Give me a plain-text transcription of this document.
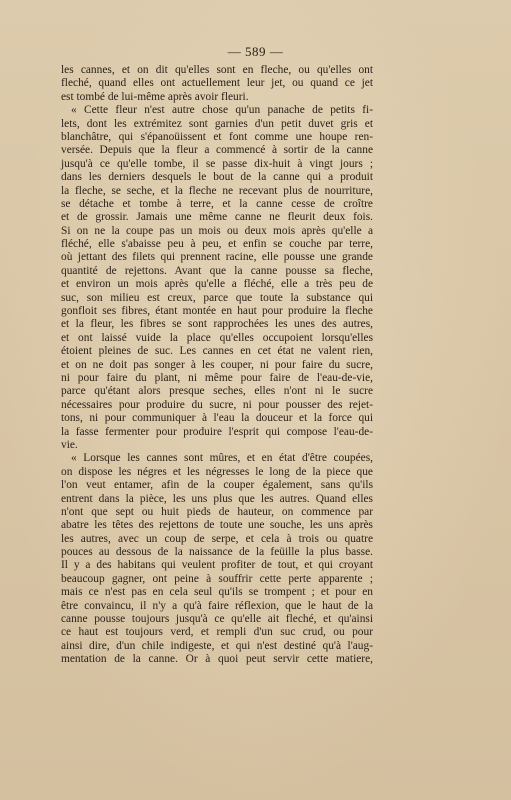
— 589 —
les cannes, et on dit qu'elles sont en fleche, ou qu'elles ont
fleché, quand elles ont actuellement leur jet, ou quand ce jet
est tombé de lui-même après avoir fleuri.
« Cette fleur n'est autre chose qu'un panache de petits fi-
lets, dont les extrémitez sont garnies d'un petit duvet gris et
blanchâtre, qui s'épanoüissent et font comme une houpe ren-
versée. Depuis que la fleur a commencé à sortir de la canne
jusqu'à ce qu'elle tombe, il se passe dix-huit à vingt jours ;
dans les derniers desquels le bout de la canne qui a produit
la fleche, se seche, et la fleche ne recevant plus de nourriture,
se détache et tombe à terre, et la canne cesse de croître
et de grossir. Jamais une même canne ne fleurit deux fois.
Si on ne la coupe pas un mois ou deux mois après qu'elle a
fléché, elle s'abaisse peu à peu, et enfin se couche par terre,
où jettant des filets qui prennent racine, elle pousse une grande
quantité de rejettons. Avant que la canne pousse sa fleche,
et environ un mois après qu'elle a fléché, elle a très peu de
suc, son milieu est creux, parce que toute la substance qui
gonfloit ses fibres, étant montée en haut pour produire la fleche
et la fleur, les fibres se sont rapprochées les unes des autres,
et ont laissé vuide la place qu'elles occupoient lorsqu'elles
étoient pleines de suc. Les cannes en cet état ne valent rien,
et on ne doit pas songer à les couper, ni pour faire du sucre,
ni pour faire du plant, ni même pour faire de l'eau-de-vie,
parce qu'étant alors presque seches, elles n'ont ni le sucre
nécessaires pour produire du sucre, ni pour pousser des rejet-
tons, ni pour communiquer à l'eau la douceur et la force qui
la fasse fermenter pour produire l'esprit qui compose l'eau-de-
vie.
« Lorsque les cannes sont mûres, et en état d'être coupées,
on dispose les négres et les négresses le long de la piece que
l'on veut entamer, afin de la couper également, sans qu'ils
entrent dans la pièce, les uns plus que les autres. Quand elles
n'ont que sept ou huit pieds de hauteur, on commence par
abatre les têtes des rejettons de toute une souche, les uns après
les autres, avec un coup de serpe, et cela à trois ou quatre
pouces au dessous de la naissance de la feüille la plus basse.
Il y a des habitans qui veulent profiter de tout, et qui croyant
beaucoup gagner, ont peine à souffrir cette perte apparente ;
mais ce n'est pas en cela seul qu'ils se trompent ; et pour en
être convaincu, il n'y a qu'à faire réflexion, que le haut de la
canne pousse toujours jusqu'à ce qu'elle ait fleché, et qu'ainsi
ce haut est toujours verd, et rempli d'un suc crud, ou pour
ainsi dire, d'un chile indigeste, et qui n'est destiné qu'à l'aug-
mentation de la canne. Or à quoi peut servir cette matiere,
